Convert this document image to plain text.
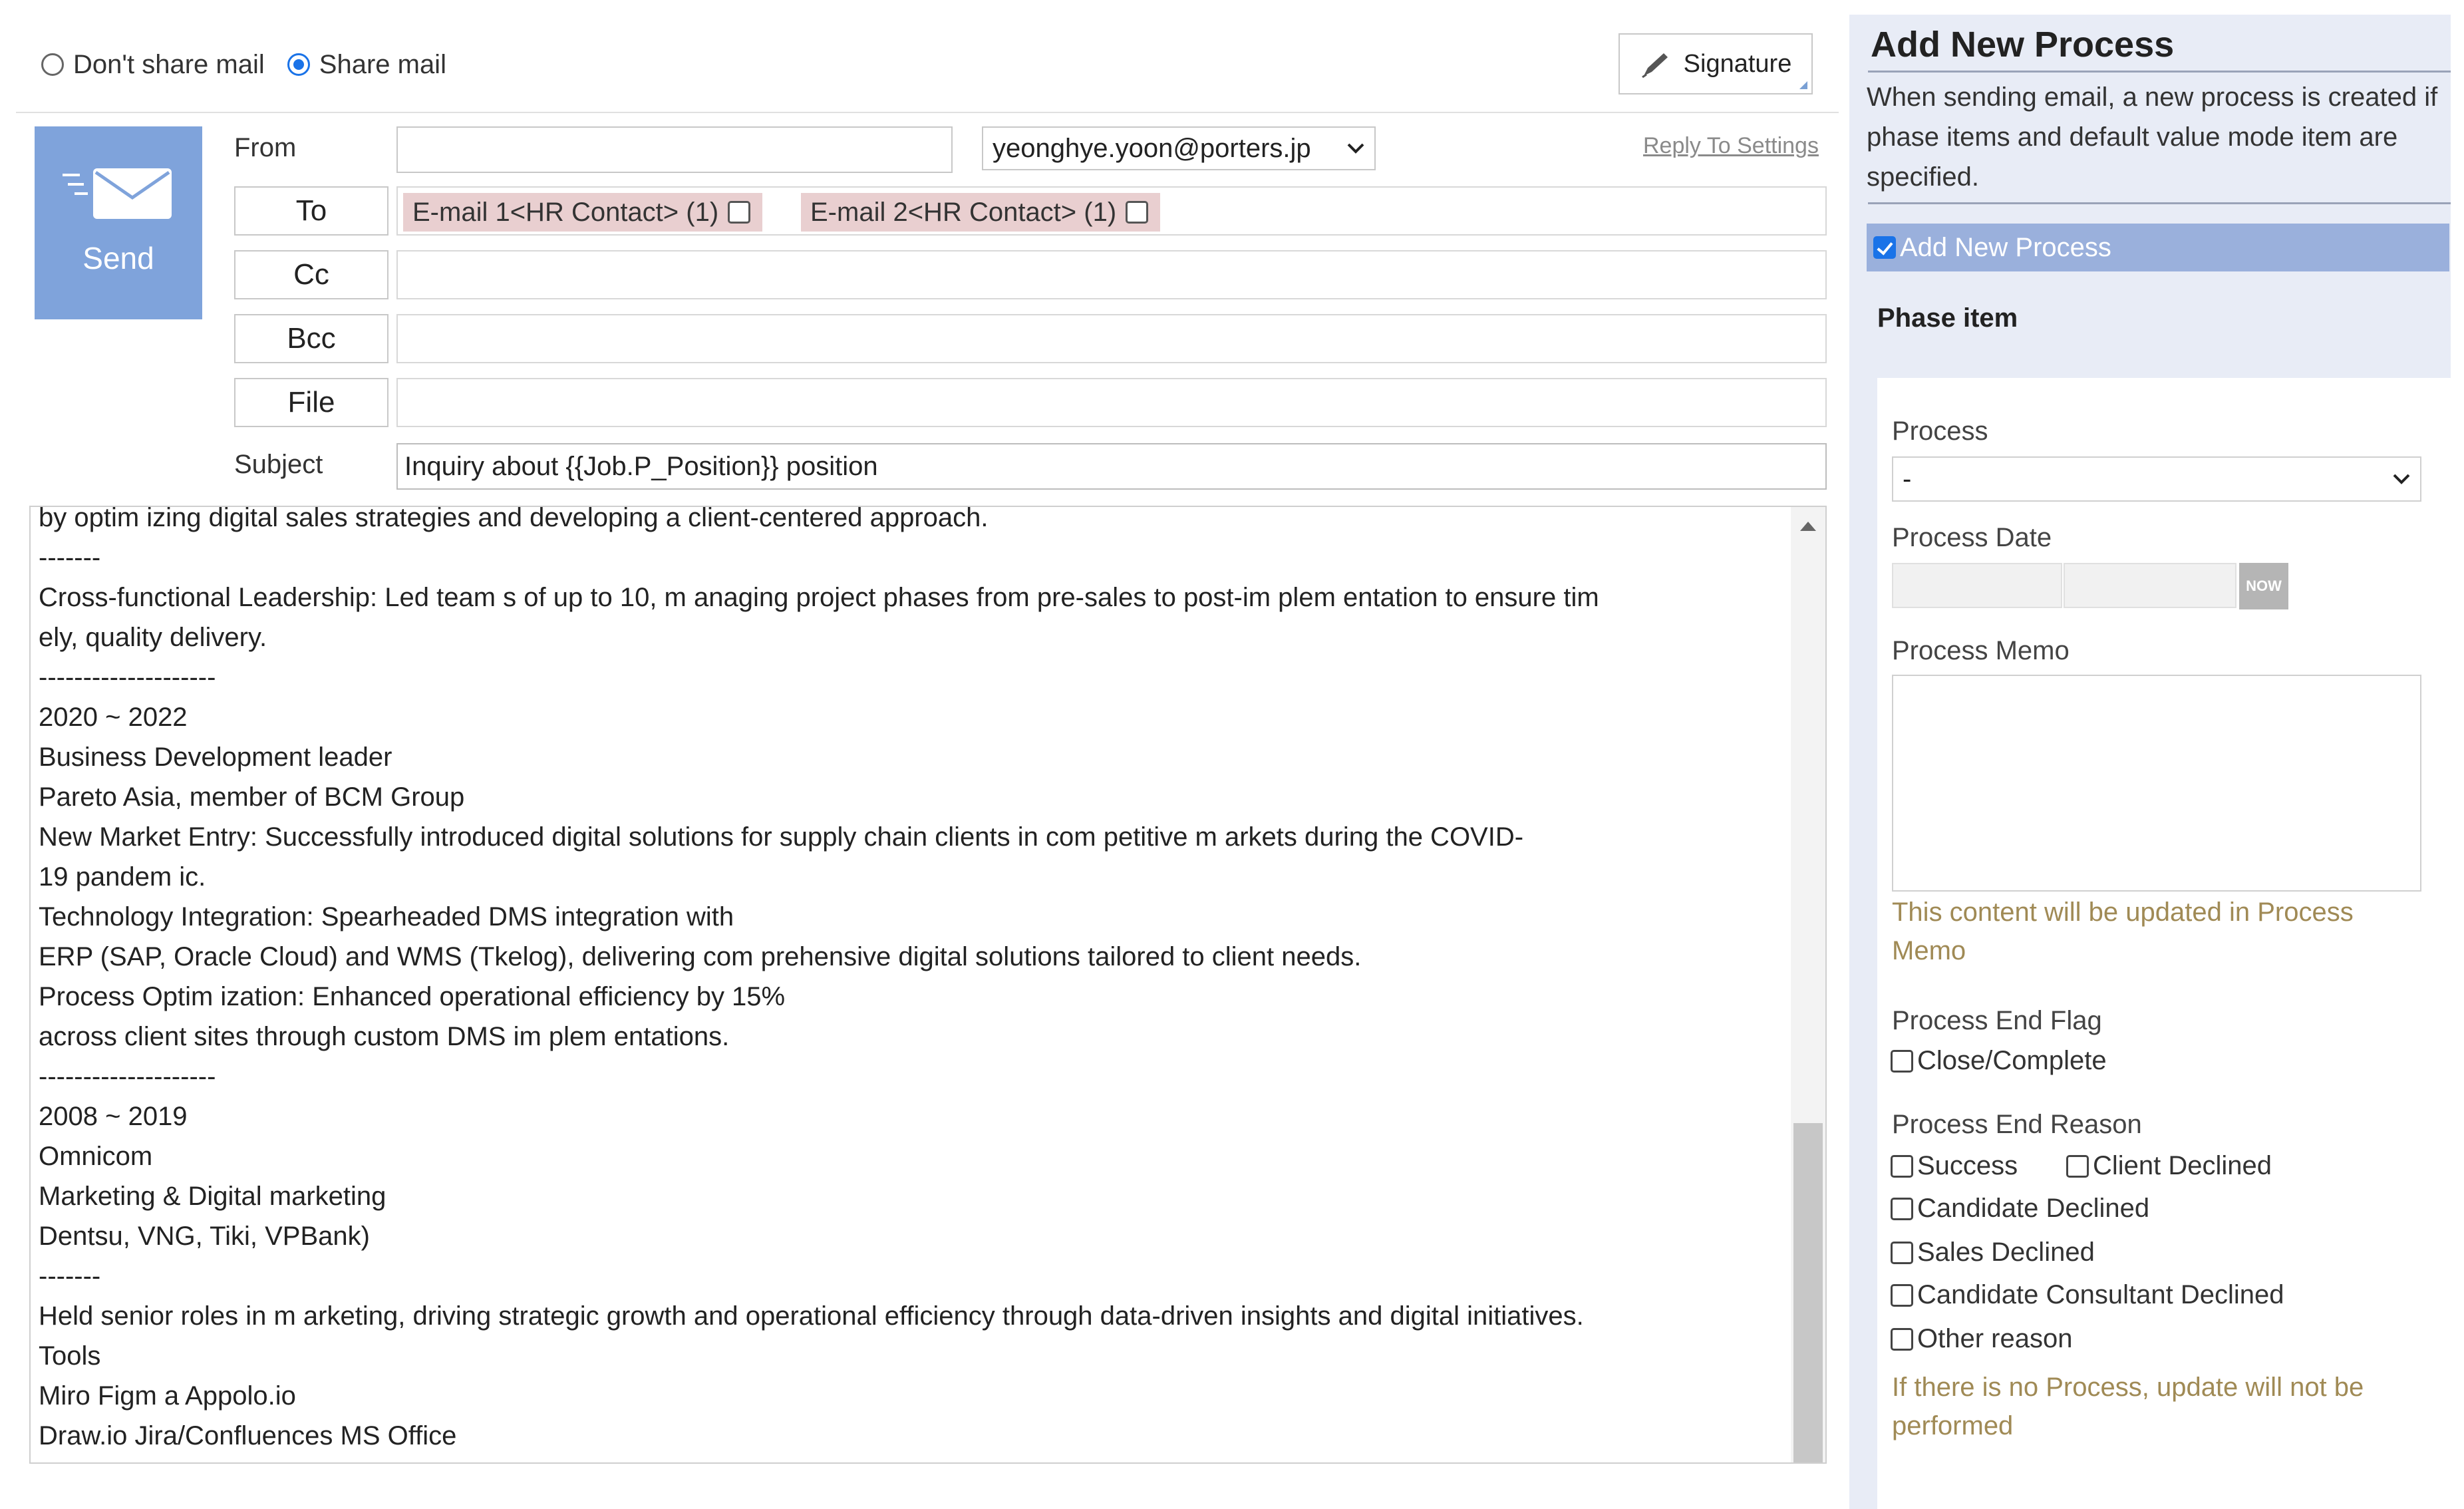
Don't share mail Share mail	Signature
Send
From	yeonghye.yoon@porters.jp	Reply To Settings
To	E-mail 1<HR Contact> (1)	E-mail 2<HR Contact> (1)
Cc
Bcc
File
Subject	Inquiry about {{Job.P_Position}} position
by optim izing digital sales strategies and developing a client-centered approach.
-------
Cross-functional Leadership: Led team s of up to 10, m anaging project phases from pre-sales to post-im plem entation to ensure tim
ely, quality delivery.
--------------------
2020 ~ 2022
Business Development leader
Pareto Asia, member of BCM Group
New Market Entry: Successfully introduced digital solutions for supply chain clients in com petitive m arkets during the COVID-
19 pandem ic.
Technology Integration: Spearheaded DMS integration with
ERP (SAP, Oracle Cloud) and WMS (Tkelog), delivering com prehensive digital solutions tailored to client needs.
Process Optim ization: Enhanced operational efficiency by 15%
across client sites through custom DMS im plem entations.
--------------------
2008 ~ 2019
Omnicom
Marketing & Digital marketing
Dentsu, VNG, Tiki, VPBank)
-------
Held senior roles in m arketing, driving strategic growth and operational efficiency through data-driven insights and digital initiatives.
Tools
Miro Figm a Appolo.io
Draw.io Jira/Confluences MS Office
Add New Process
When sending email, a new process is created if phase items and default value mode item are specified.
Add New Process
Phase item
Process
-
Process Date
NOW
Process Memo
This content will be updated in Process Memo
Process End Flag
Close/Complete
Process End Reason
Success	Client Declined
Candidate Declined
Sales Declined
Candidate Consultant Declined
Other reason
If there is no Process, update will not be performed
